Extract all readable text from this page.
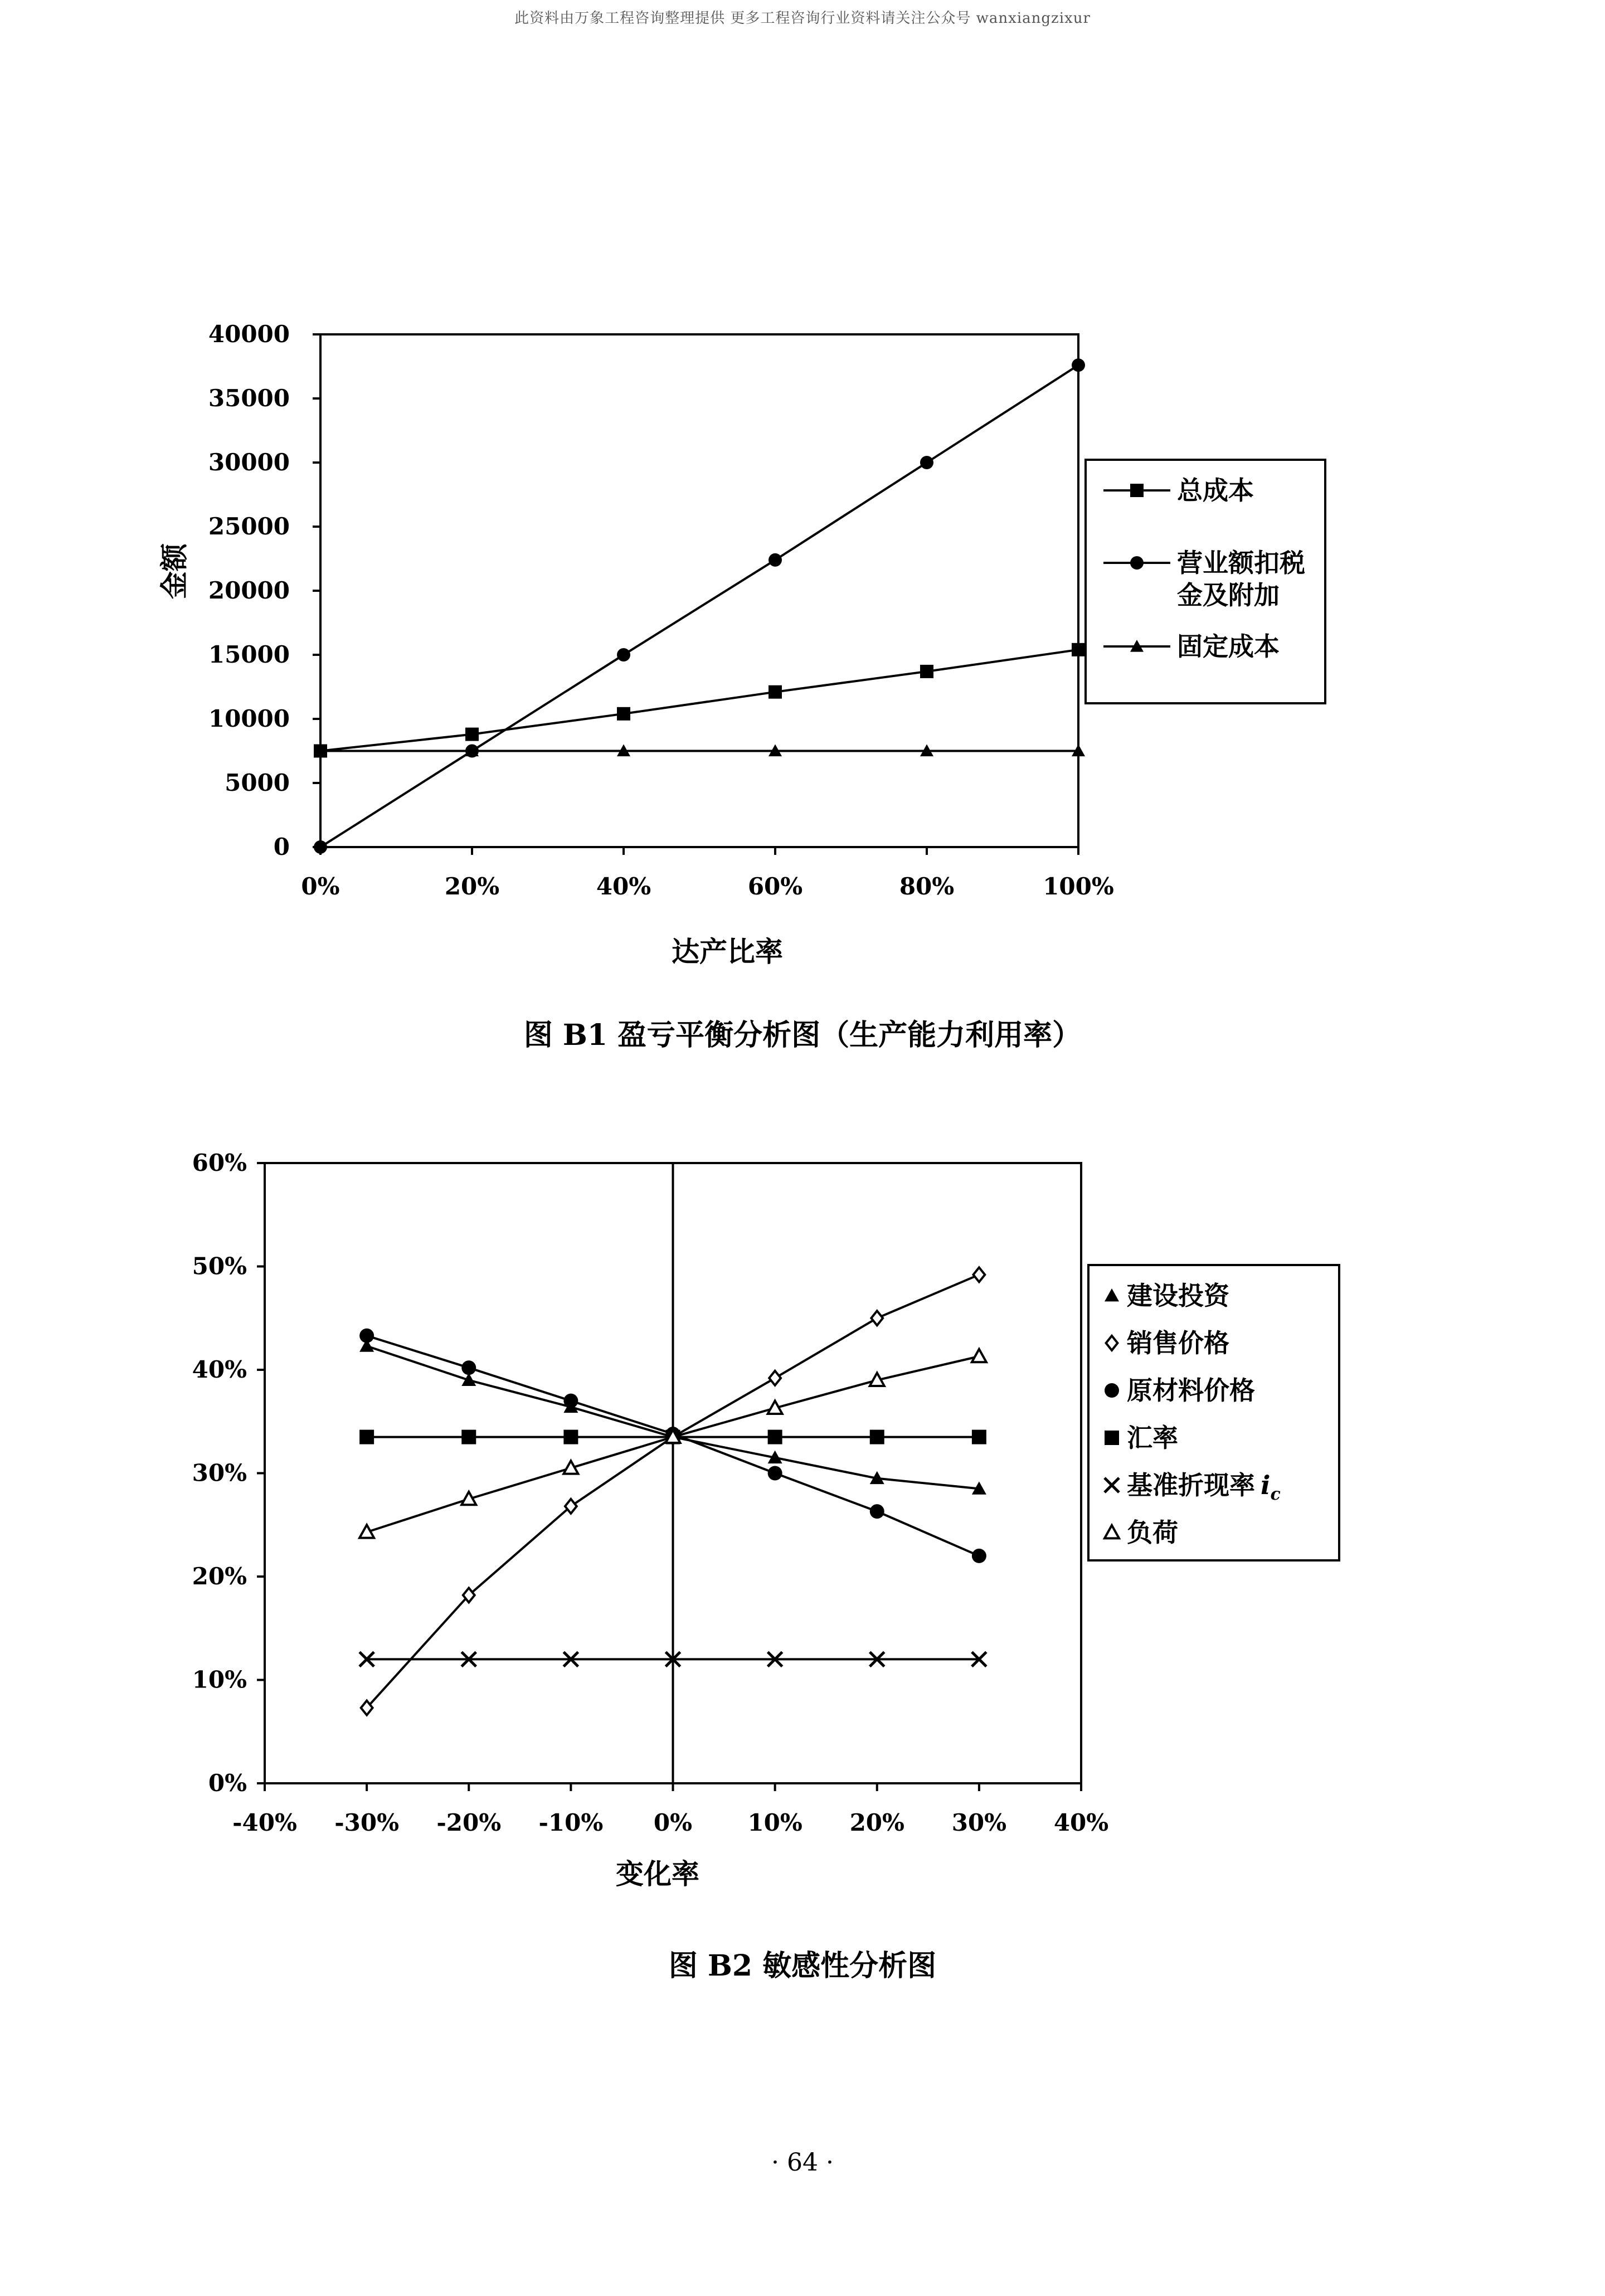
此资料由万象工程咨询整理提供 更多工程咨询行业资料请关注公众号 wanxiangzixur
0
5000
10000
15000
20000
25000
30000
35000
40000
0%	20%	40%	60%	80%	100%
达产比率
金额
总成本
营业额扣税
金及附加
固定成本
0%
10%
20%
30%
40%
50%
60%
-40% -30% -20% -10% 0% 10% 20% 30% 40%
变化率
建设投资
销售价格
原材料价格
汇率
基准折现率 $i_c$
负荷
图 B1 盈亏平衡分析图（生产能力利用率）
图 B2 敏感性分析图
· 64 ·
